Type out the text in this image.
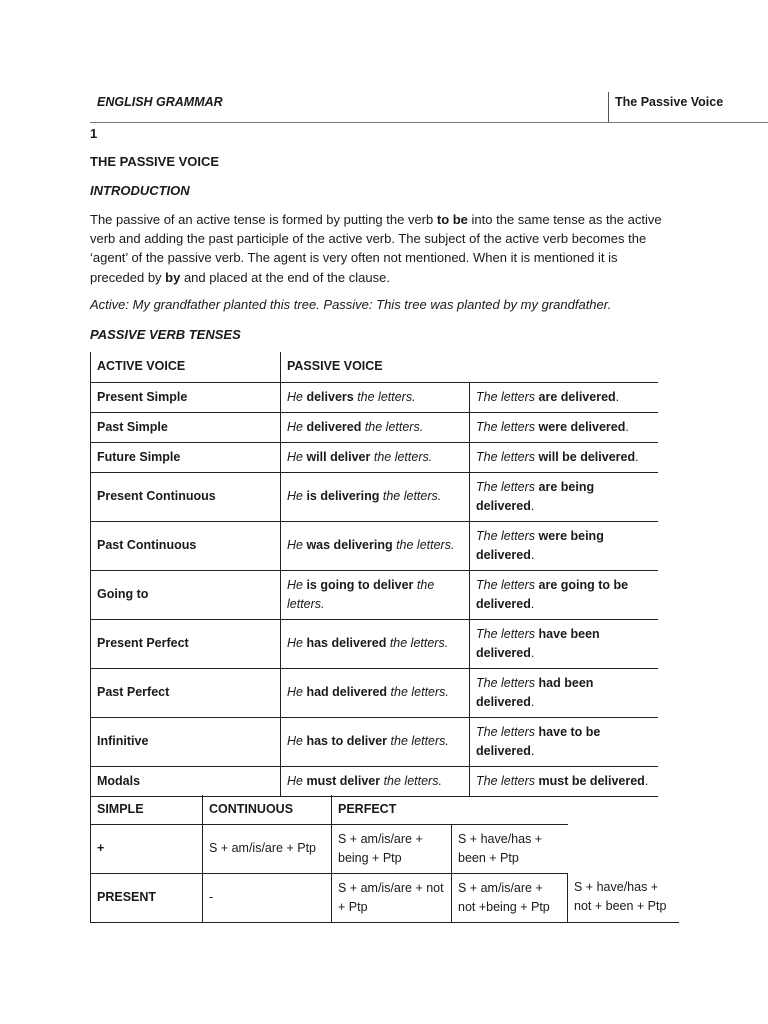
ENGLISH GRAMMAR	The Passive Voice
1
THE PASSIVE VOICE
INTRODUCTION
The passive of an active tense is formed by putting the verb to be into the same tense as the active verb and adding the past participle of the active verb. The subject of the active verb becomes the ‘agent’ of the passive verb. The agent is very often not mentioned. When it is mentioned it is preceded by by and placed at the end of the clause.
Active: My grandfather planted this tree. Passive: This tree was planted by my grandfather.
PASSIVE VERB TENSES
ACTIVE VOICE	PASSIVE VOICE	
Present Simple	He delivers the letters.	The letters are delivered.
Past Simple	He delivered the letters.	The letters were delivered.
Future Simple	He will deliver the letters.	The letters will be delivered.
Present Continuous	He is delivering the letters.	The letters are being delivered.
Past Continuous	He was delivering the letters.	The letters were being delivered.
Going to	He is going to deliver the letters.	The letters are going to be delivered.
Present Perfect	He has delivered the letters.	The letters have been delivered.
Past Perfect	He had delivered the letters.	The letters had been delivered.
Infinitive	He has to deliver the letters.	The letters have to be delivered.
Modals	He must deliver the letters.	The letters must be delivered.
SIMPLE	CONTINUOUS	PERFECT		
+	S + am/is/are + Ptp	S + am/is/are + being + Ptp	S + have/has + been + Ptp	
PRESENT	-	S + am/is/are + not + Ptp	S + am/is/are + not +being + Ptp	S + have/has + not + been + Ptp
